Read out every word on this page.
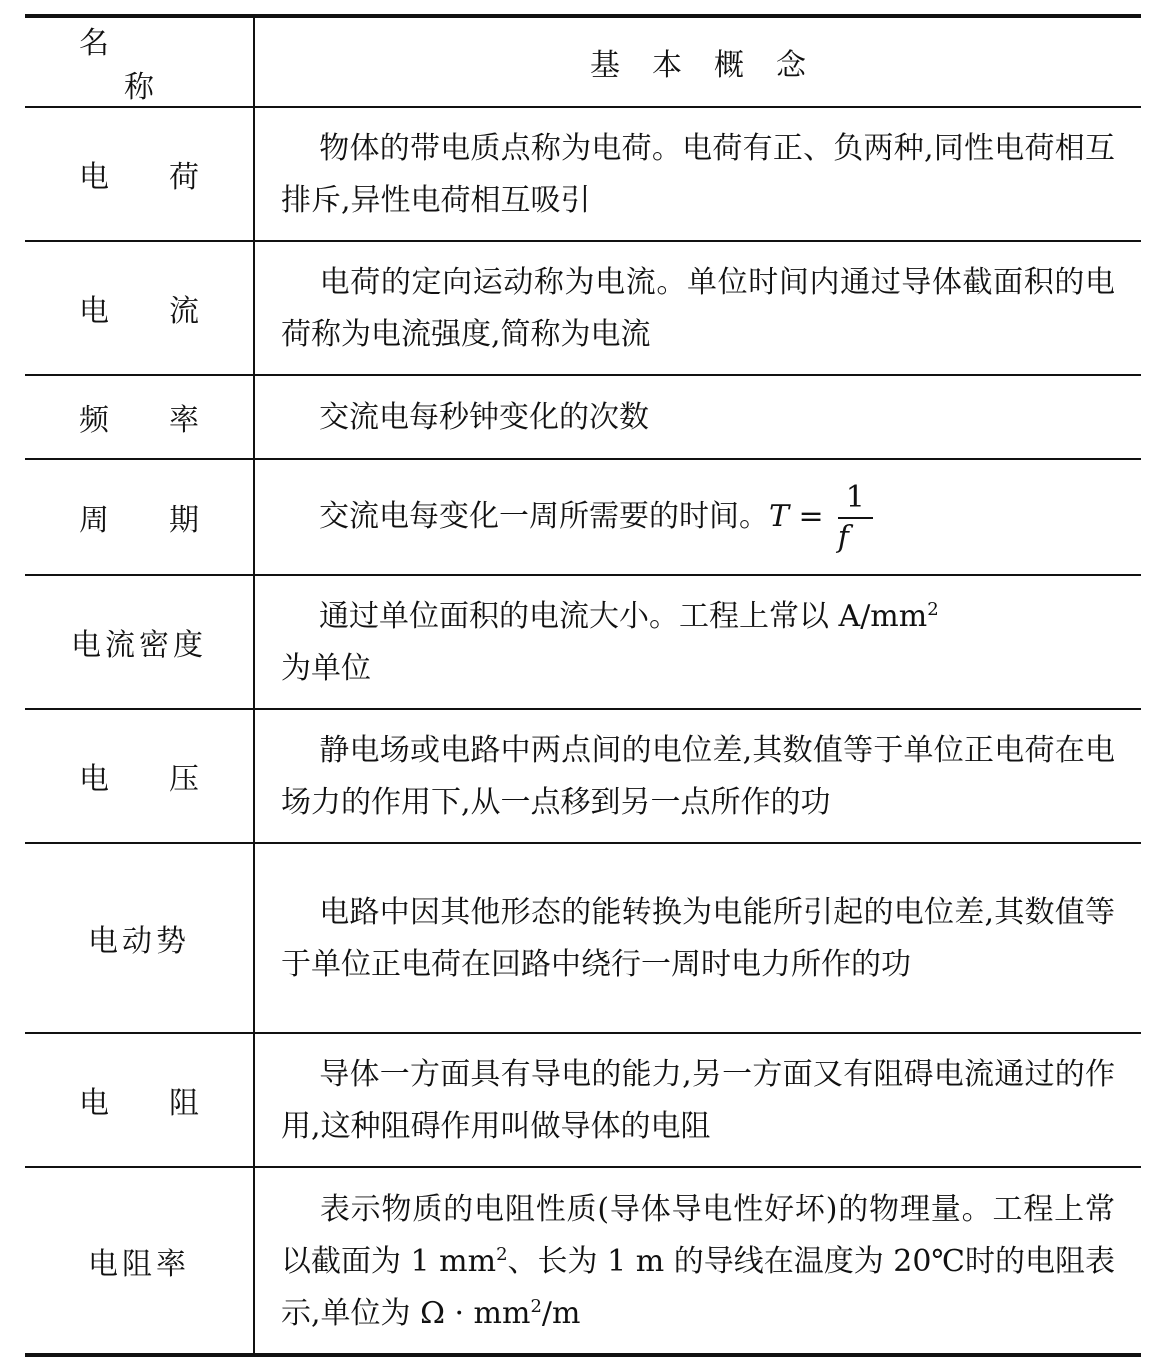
名称	基本概念
电荷	物体的带电质点称为电荷。电荷有正、负两种,同性电荷相互排斥,异性电荷相互吸引
电流	电荷的定向运动称为电流。单位时间内通过导体截面积的电荷称为电流强度,简称为电流
频率	交流电每秒钟变化的次数
周期	交流电每变化一周所需要的时间。$T = \frac{1}{f}$

电流密度	通过单位面积的电流大小。工程上常以 $A/mm^2$
为单位
电压	静电场或电路中两点间的电位差,其数值等于单位正电荷在电场力的作用下,从一点移到另一点所作的功
电动势	电路中因其他形态的能转换为电能所引起的电位差,其数值等于单位正电荷在回路中绕行一周时电力所作的功
电阻	导体一方面具有导电的能力,另一方面又有阻碍电流通过的作用,这种阻碍作用叫做导体的电阻
电阻率	表示物质的电阻性质(导体导电性好坏)的物理量。工程上常以截面为 1 $mm^2$、长为 1 m 的导线在温度为 20℃时的电阻表示,单位为 $\Omega \cdot mm^2/m$
